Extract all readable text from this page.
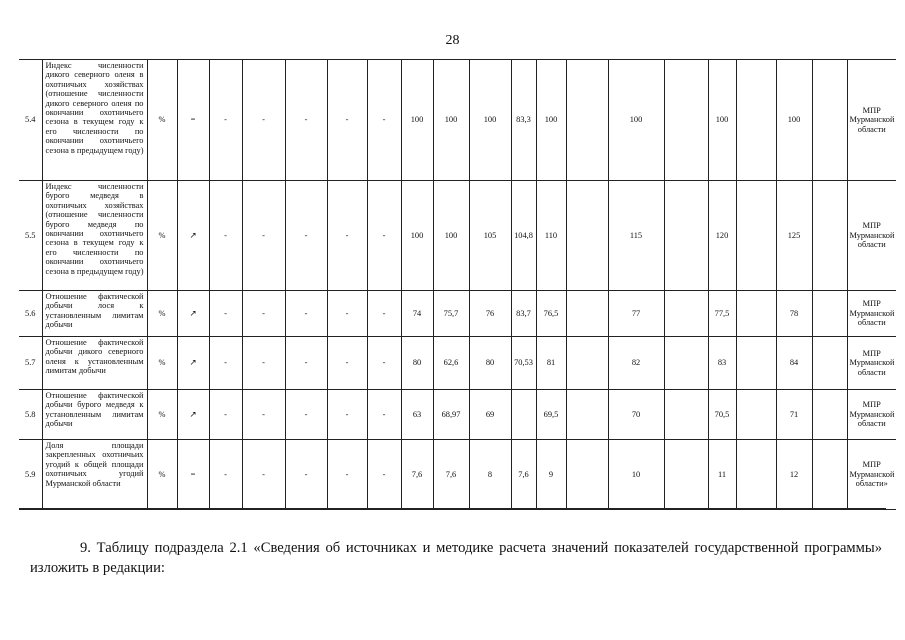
28
5.4	Индекс численности дикого северного оленя в охотничьих хозяйствах (отношение численности дикого северного оленя по окончании охотничьего сезона в текущем году к его численности по окончании охотничьего сезона в предыдущем году)	%	=	-	-	-	-	-	100	100	100	83,3	100		100		100		100		МПР Мурманской области
5.5	Индекс численности бурого медведя в охотничьих хозяйствах (отношение численности бурого медведя по окончании охотничьего сезона в текущем году к его численности по окончании охотничьего сезона в предыдущем году)	%	↗	-	-	-	-	-	100	100	105	104,8	110		115		120		125		МПР Мурманской области
5.6	Отношение фактической добычи лося к установленным лимитам добычи	%	↗	-	-	-	-	-	74	75,7	76	83,7	76,5		77		77,5		78		МПР Мурманской области
5.7	Отношение фактической добычи дикого северного оленя к установленным лимитам добычи	%	↗	-	-	-	-	-	80	62,6	80	70,53	81		82		83		84		МПР Мурманской области
5.8	Отношение фактической добычи бурого медведя к установленным лимитам добычи	%	↗	-	-	-	-	-	63	68,97	69		69,5		70		70,5		71		МПР Мурманской области
5.9	Доля площади закрепленных охотничьих угодий к общей площади охотничьих угодий Мурманской области	%	=	-	-	-	-	-	7,6	7,6	8	7,6	9		10		11		12		МПР Мурманской области»
9. Таблицу подраздела 2.1 «Сведения об источниках и методике расчета значений показателей государственной программы» изложить в редакции:
